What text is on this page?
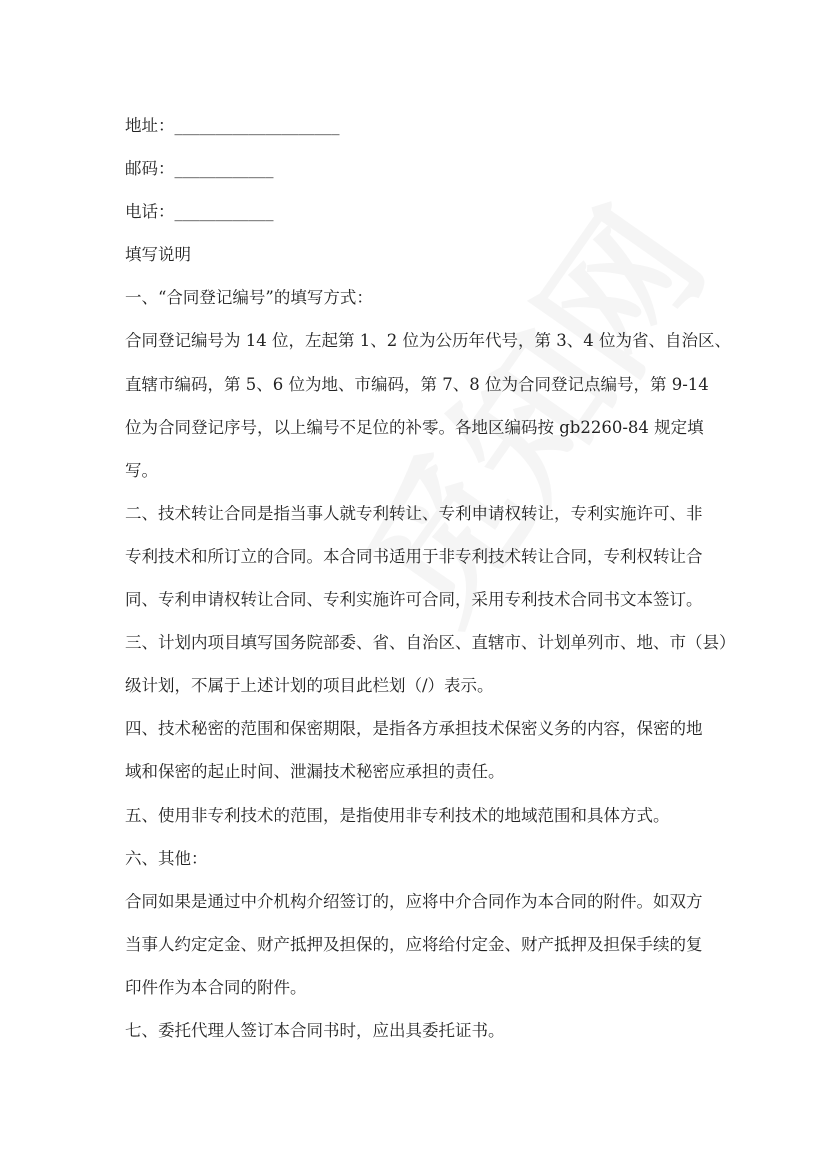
地址：____________________
邮码：____________
电话：____________
填写说明
一、“合同登记编号”的填写方式：
合同登记编号为 14 位，左起第 1、2 位为公历年代号，第 3、4 位为省、自治区、
直辖市编码，第 5、6 位为地、市编码，第 7、8 位为合同登记点编号，第 9-14
位为合同登记序号，以上编号不足位的补零。各地区编码按 gb2260-84 规定填
写。
二、技术转让合同是指当事人就专利转让、专利申请权转让，专利实施许可、非
专利技术和所订立的合同。本合同书适用于非专利技术转让合同，专利权转让合
同、专利申请权转让合同、专利实施许可合同，采用专利技术合同书文本签订。
三、计划内项目填写国务院部委、省、自治区、直辖市、计划单列市、地、市（县）
级计划，不属于上述计划的项目此栏划（/）表示。
四、技术秘密的范围和保密期限，是指各方承担技术保密义务的内容，保密的地
域和保密的起止时间、泄漏技术秘密应承担的责任。
五、使用非专利技术的范围，是指使用非专利技术的地域范围和具体方式。
六、其他：
合同如果是通过中介机构介绍签订的，应将中介合同作为本合同的附件。如双方
当事人约定定金、财产抵押及担保的，应将给付定金、财产抵押及担保手续的复
印件作为本合同的附件。
七、委托代理人签订本合同书时，应出具委托证书。
